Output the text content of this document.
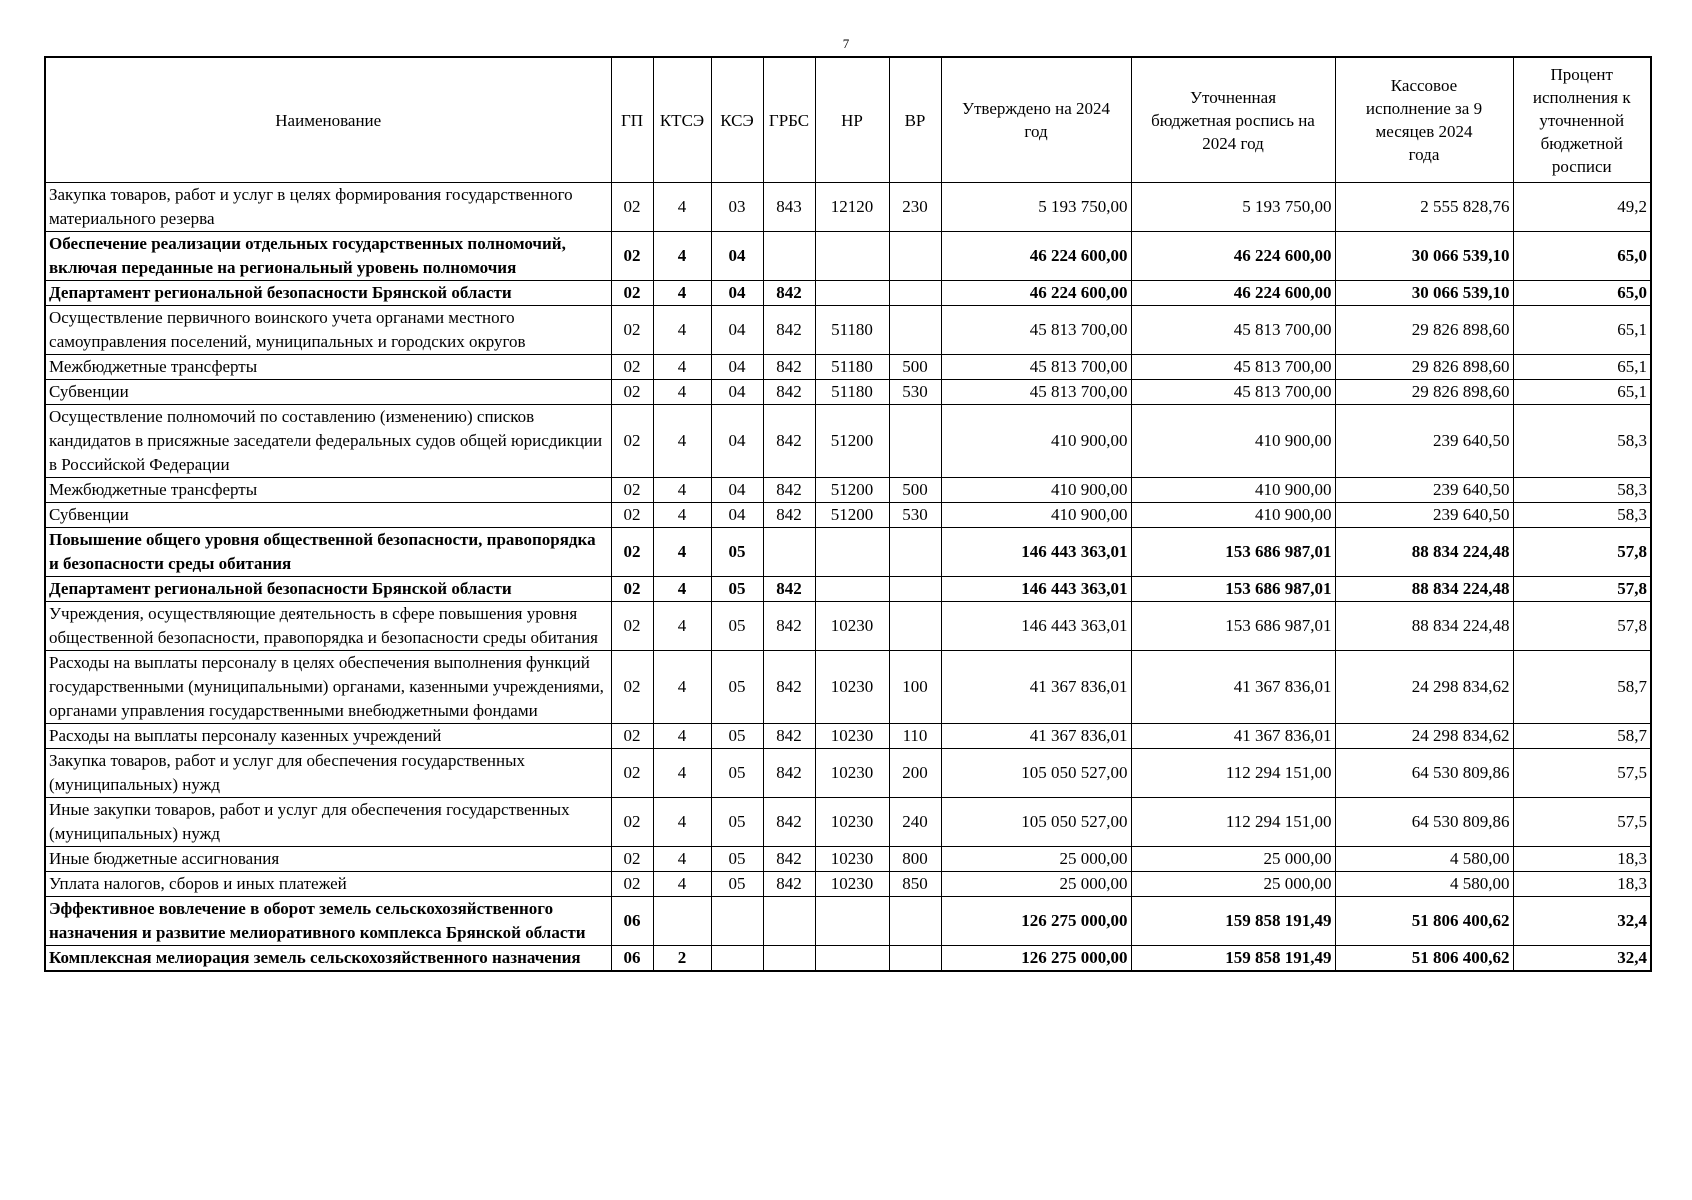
7
Наименование	ГП	КТСЭ	КСЭ	ГРБС	НР	ВР	Утверждено на 2024 год	Уточненная бюджетная роспись на 2024 год	Кассовое исполнение за 9 месяцев 2024 года	Процент исполнения к уточненной бюджетной росписи
Закупка товаров, работ и услуг в целях формирования государственного материального резерва	02	4	03	843	12120	230	5 193 750,00	5 193 750,00	2 555 828,76	49,2
Обеспечение реализации отдельных государственных полномочий, включая переданные на региональный уровень полномочия	02	4	04				46 224 600,00	46 224 600,00	30 066 539,10	65,0
Департамент региональной безопасности Брянской области	02	4	04	842			46 224 600,00	46 224 600,00	30 066 539,10	65,0
Осуществление первичного воинского учета органами местного самоуправления поселений, муниципальных и городских округов	02	4	04	842	51180		45 813 700,00	45 813 700,00	29 826 898,60	65,1
Межбюджетные трансферты	02	4	04	842	51180	500	45 813 700,00	45 813 700,00	29 826 898,60	65,1
Субвенции	02	4	04	842	51180	530	45 813 700,00	45 813 700,00	29 826 898,60	65,1
Осуществление полномочий по составлению (изменению) списков кандидатов в присяжные заседатели федеральных судов общей юрисдикции в Российской Федерации	02	4	04	842	51200		410 900,00	410 900,00	239 640,50	58,3
Межбюджетные трансферты	02	4	04	842	51200	500	410 900,00	410 900,00	239 640,50	58,3
Субвенции	02	4	04	842	51200	530	410 900,00	410 900,00	239 640,50	58,3
Повышение общего уровня общественной безопасности, правопорядка и безопасности среды обитания	02	4	05				146 443 363,01	153 686 987,01	88 834 224,48	57,8
Департамент региональной безопасности Брянской области	02	4	05	842			146 443 363,01	153 686 987,01	88 834 224,48	57,8
Учреждения, осуществляющие деятельность в сфере повышения уровня общественной безопасности, правопорядка и безопасности среды обитания	02	4	05	842	10230		146 443 363,01	153 686 987,01	88 834 224,48	57,8
Расходы на выплаты персоналу в целях обеспечения выполнения функций государственными (муниципальными) органами, казенными учреждениями, органами управления государственными внебюджетными фондами	02	4	05	842	10230	100	41 367 836,01	41 367 836,01	24 298 834,62	58,7
Расходы на выплаты персоналу казенных учреждений	02	4	05	842	10230	110	41 367 836,01	41 367 836,01	24 298 834,62	58,7
Закупка товаров, работ и услуг для обеспечения государственных (муниципальных) нужд	02	4	05	842	10230	200	105 050 527,00	112 294 151,00	64 530 809,86	57,5
Иные закупки товаров, работ и услуг для обеспечения государственных (муниципальных) нужд	02	4	05	842	10230	240	105 050 527,00	112 294 151,00	64 530 809,86	57,5
Иные бюджетные ассигнования	02	4	05	842	10230	800	25 000,00	25 000,00	4 580,00	18,3
Уплата налогов, сборов и иных платежей	02	4	05	842	10230	850	25 000,00	25 000,00	4 580,00	18,3
Эффективное вовлечение в оборот земель сельскохозяйственного назначения и развитие мелиоративного комплекса Брянской области	06						126 275 000,00	159 858 191,49	51 806 400,62	32,4
Комплексная мелиорация земель сельскохозяйственного назначения	06	2					126 275 000,00	159 858 191,49	51 806 400,62	32,4
